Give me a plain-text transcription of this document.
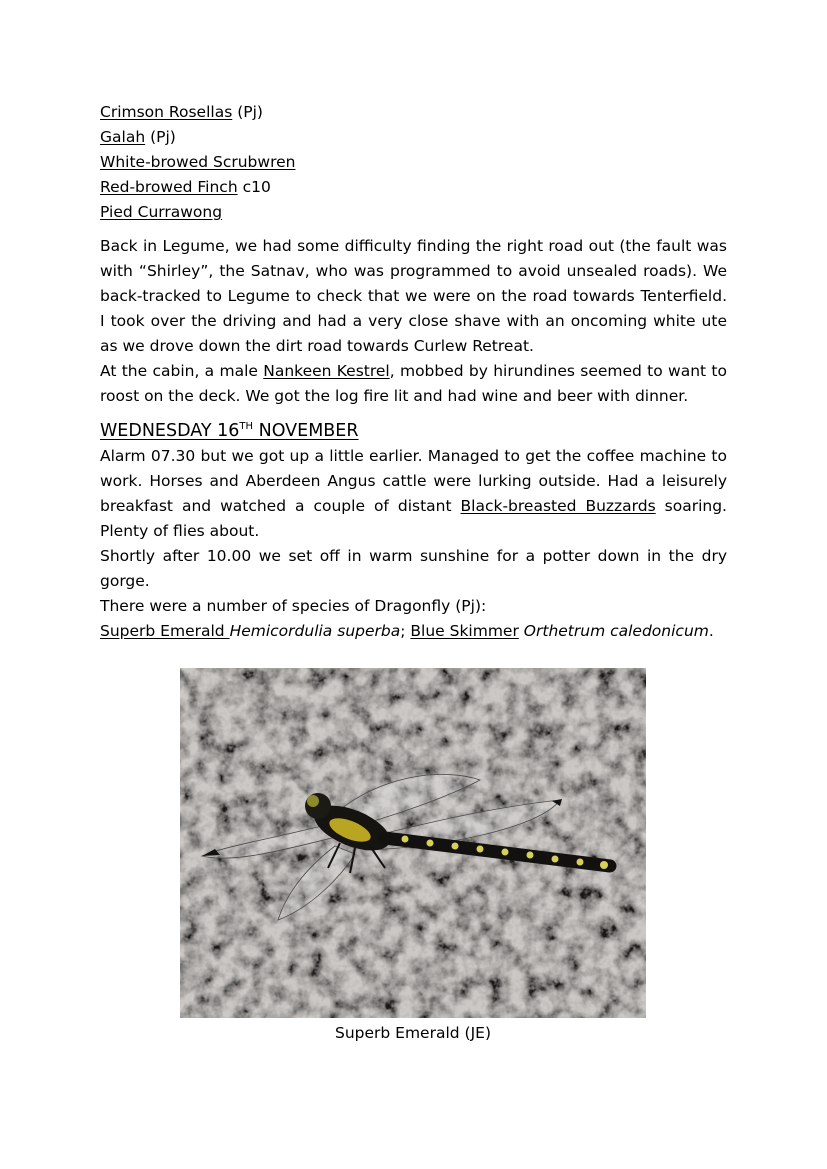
Crimson Rosellas (Pj)
Galah (Pj)
White-browed Scrubwren
Red-browed Finch c10
Pied Currawong

Back in Legume, we had some difficulty finding the right road out (the fault was with “Shirley”, the Satnav, who was programmed to avoid unsealed roads). We back-tracked to Legume to check that we were on the road towards Tenterfield. I took over the driving and had a very close shave with an oncoming white ute as we drove down the dirt road towards Curlew Retreat.

At the cabin, a male Nankeen Kestrel, mobbed by hirundines seemed to want to roost on the deck. We got the log fire lit and had wine and beer with dinner.

WEDNESDAY 16TH NOVEMBER

Alarm 07.30 but we got up a little earlier. Managed to get the coffee machine to work. Horses and Aberdeen Angus cattle were lurking outside. Had a leisurely breakfast and watched a couple of distant Black-breasted Buzzards soaring. Plenty of flies about.

Shortly after 10.00 we set off in warm sunshine for a potter down in the dry gorge.

There were a number of species of Dragonfly (Pj):

Superb Emerald Hemicordulia superba; Blue Skimmer Orthetrum caledonicum.

Superb Emerald (JE)
